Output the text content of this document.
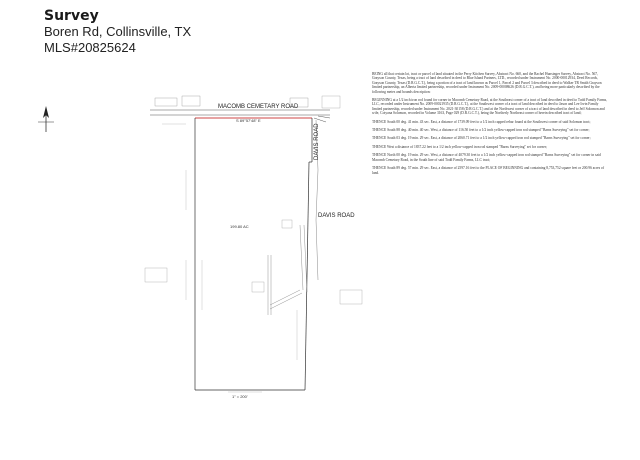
Survey
Boren Rd, Collinsville, TX
MLS#20825624
MACOMB CEMETARY ROAD
S 89°57'48" E
DAVIS ROAD
DAVIS ROAD
199.80 AC
1" = 200'

BEING all that certain lot, tract or parcel of land situated in the Perry Kitchen Survey, Abstract No. 660, and the Rachel Hunsinger Survey, Abstract No. 567, Grayson County, Texas, being a tract of land described in deed to Blue Island Partners, LTD., recorded under Instrument No. 2000-00012934, Deed Records, Grayson County, Texas (D.R.G.C.T.), being a portion of a tract of land known as Parcel 1, Parcel 2 and Parcel 3 described in deed to Walker TR Smith Grayson limited partnership, an Alberta limited partnership, recorded under Instrument No. 2009-00008626 (D.R.G.C.T.), and being more particularly described by the following metes and bounds description:

BEGINNING at a 1/2 inch iron rod found for corner in Macomb Cemetary Road, at the Southeast corner of a tract of land described in deed to Todd Family Farms, LLC, recorded under Instrument No. 2009-00021935 (D.R.G.C.T.), at the Southwest corner of a tract of land described in deed to Jason and Lee Irvin Family limited partnership, recorded under Instrument No. 2021-30158 (D.R.G.C.T.) and at the Northwest corner of a tract of land described in deed to Jeff Solomon and wife, Cotyana Solomon, recorded in Volume 3163, Page 029 (D.R.G.C.T.), being the Northerly Northeast corner of herein described tract of land;

THENCE South 00 deg. 41 min. 43 sec. East, a distance of 1739.09 feet to a 1/2 inch capped rebar found at the Southwest corner of said Solomon tract;

THENCE South 88 deg. 40 min. 40 sec. West, a distance of 116.50 feet to a 1/2 inch yellow-capped iron rod stamped "Barns Surveying" set for corner;

THENCE South 03 deg. 19 min. 29 sec. East, a distance of 2060.71 feet to a 1/2 inch yellow-capped iron rod stamped "Barns Surveying" set for corner;

THENCE West a distance of 1837.22 feet to a 1/2 inch yellow-capped iron rod stamped "Barns Surveying" set for corner;

THENCE North 00 deg. 19 min. 29 sec. West, a distance of 4079.30 feet to a 1/2 inch yellow-capped iron rod stamped "Barns Surveying" set for corner in said Macomb Cemetary Road, in the South line of said Todd Family Farms, LLC tract;

THENCE South 89 deg. 57 min. 29 sec. East, a distance of 2597.16 feet to the PLACE OF BEGINNING and containing 8,753,752 square feet or 200.96 acres of land.
